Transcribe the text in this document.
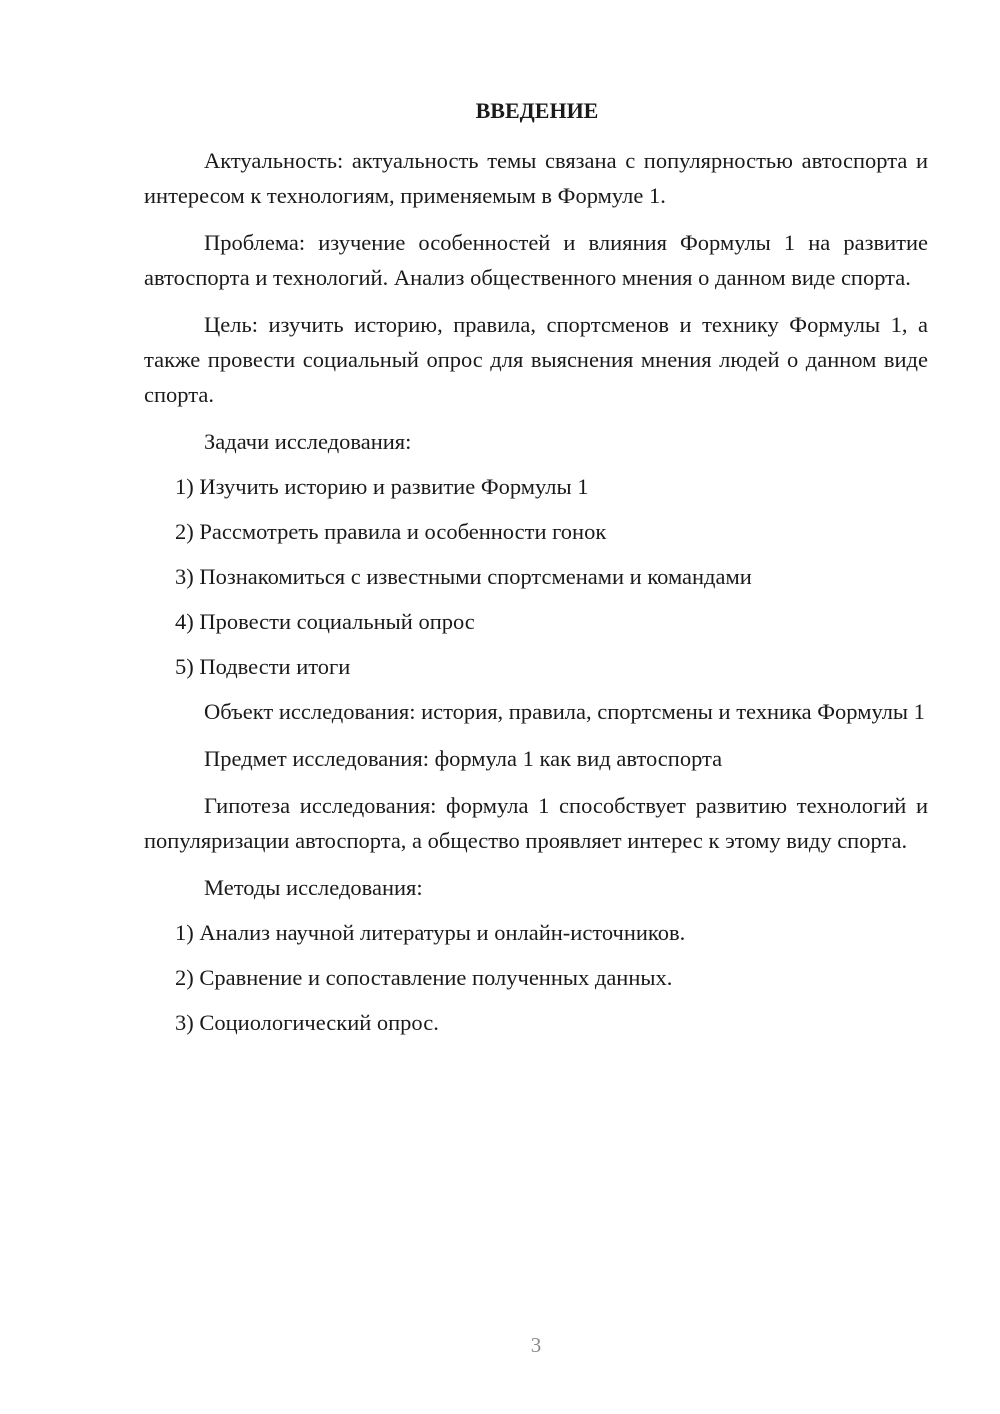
ВВЕДЕНИЕ

Актуальность: актуальность темы связана с популярностью автоспорта и интересом к технологиям, применяемым в Формуле 1.

Проблема: изучение особенностей и влияния Формулы 1 на развитие автоспорта и технологий. Анализ общественного мнения о данном виде спорта.

Цель: изучить историю, правила, спортсменов и технику Формулы 1, а также провести социальный опрос для выяснения мнения людей о данном виде спорта.

Задачи исследования:

1) Изучить историю и развитие Формулы 1
2) Рассмотреть правила и особенности гонок
3) Познакомиться с известными спортсменами и командами
4) Провести социальный опрос
5) Подвести итоги

Объект исследования: история, правила, спортсмены и техника Формулы 1

Предмет исследования: формула 1 как вид автоспорта

Гипотеза исследования: формула 1 способствует развитию технологий и популяризации автоспорта, а общество проявляет интерес к этому виду спорта.

Методы исследования:

1) Анализ научной литературы и онлайн-источников.
2) Сравнение и сопоставление полученных данных.
3) Социологический опрос.
3
